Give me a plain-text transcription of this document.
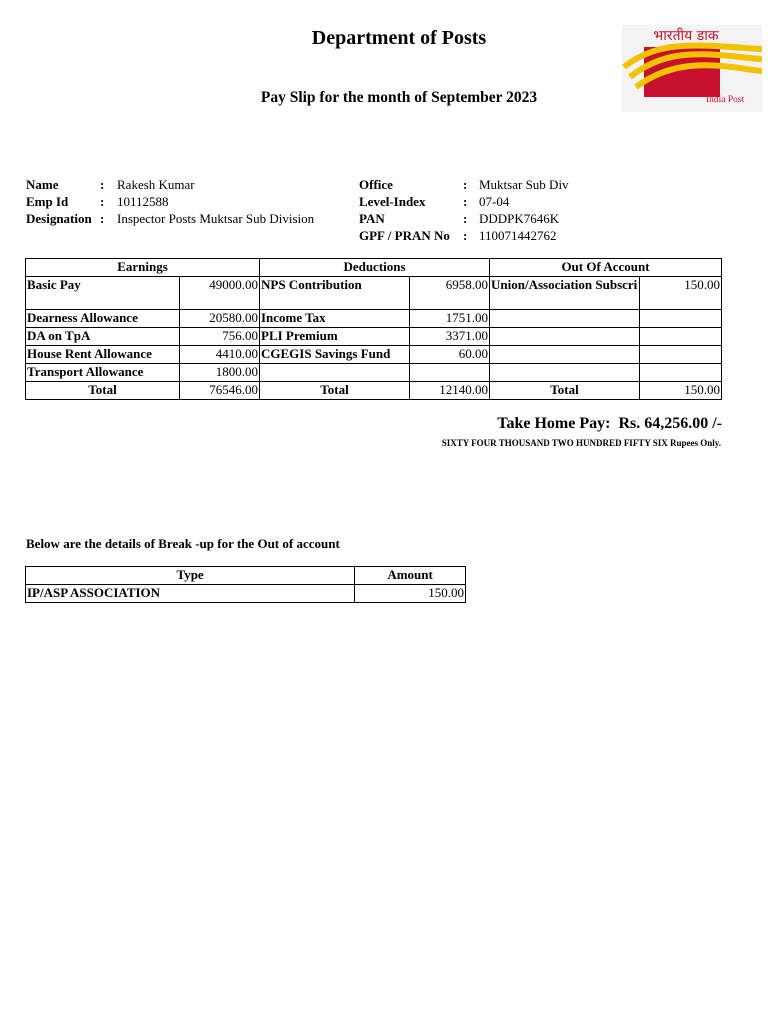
Department of Posts
Pay Slip for the month of September 2023
भारतीय डाक
India Post
Name	: Rakesh Kumar
Emp Id	: 10112588
Designation : Inspector Posts Muktsar Sub Division
Office	: Muktsar Sub Div
Level-Index	: 07-04
PAN	: DDDPK7646K
GPF / PRAN No	: 110071442762
Earnings		Deductions		Out Of Account	
Basic Pay	49000.00	NPS Contribution	6958.00	Union/Association Subscri	150.00
Dearness Allowance	20580.00	Income Tax	1751.00		
DA on TpA	756.00	PLI Premium	3371.00		
House Rent Allowance	4410.00	CGEGIS Savings Fund	60.00		
Transport Allowance	1800.00				
Total	76546.00	Total	12140.00	Total	150.00
Take Home Pay: Rs. 64,256.00 /-
SIXTY FOUR THOUSAND TWO HUNDRED FIFTY SIX Rupees Only.
Below are the details of Break -up for the Out of account
Type	Amount
IP/ASP ASSOCIATION	150.00
